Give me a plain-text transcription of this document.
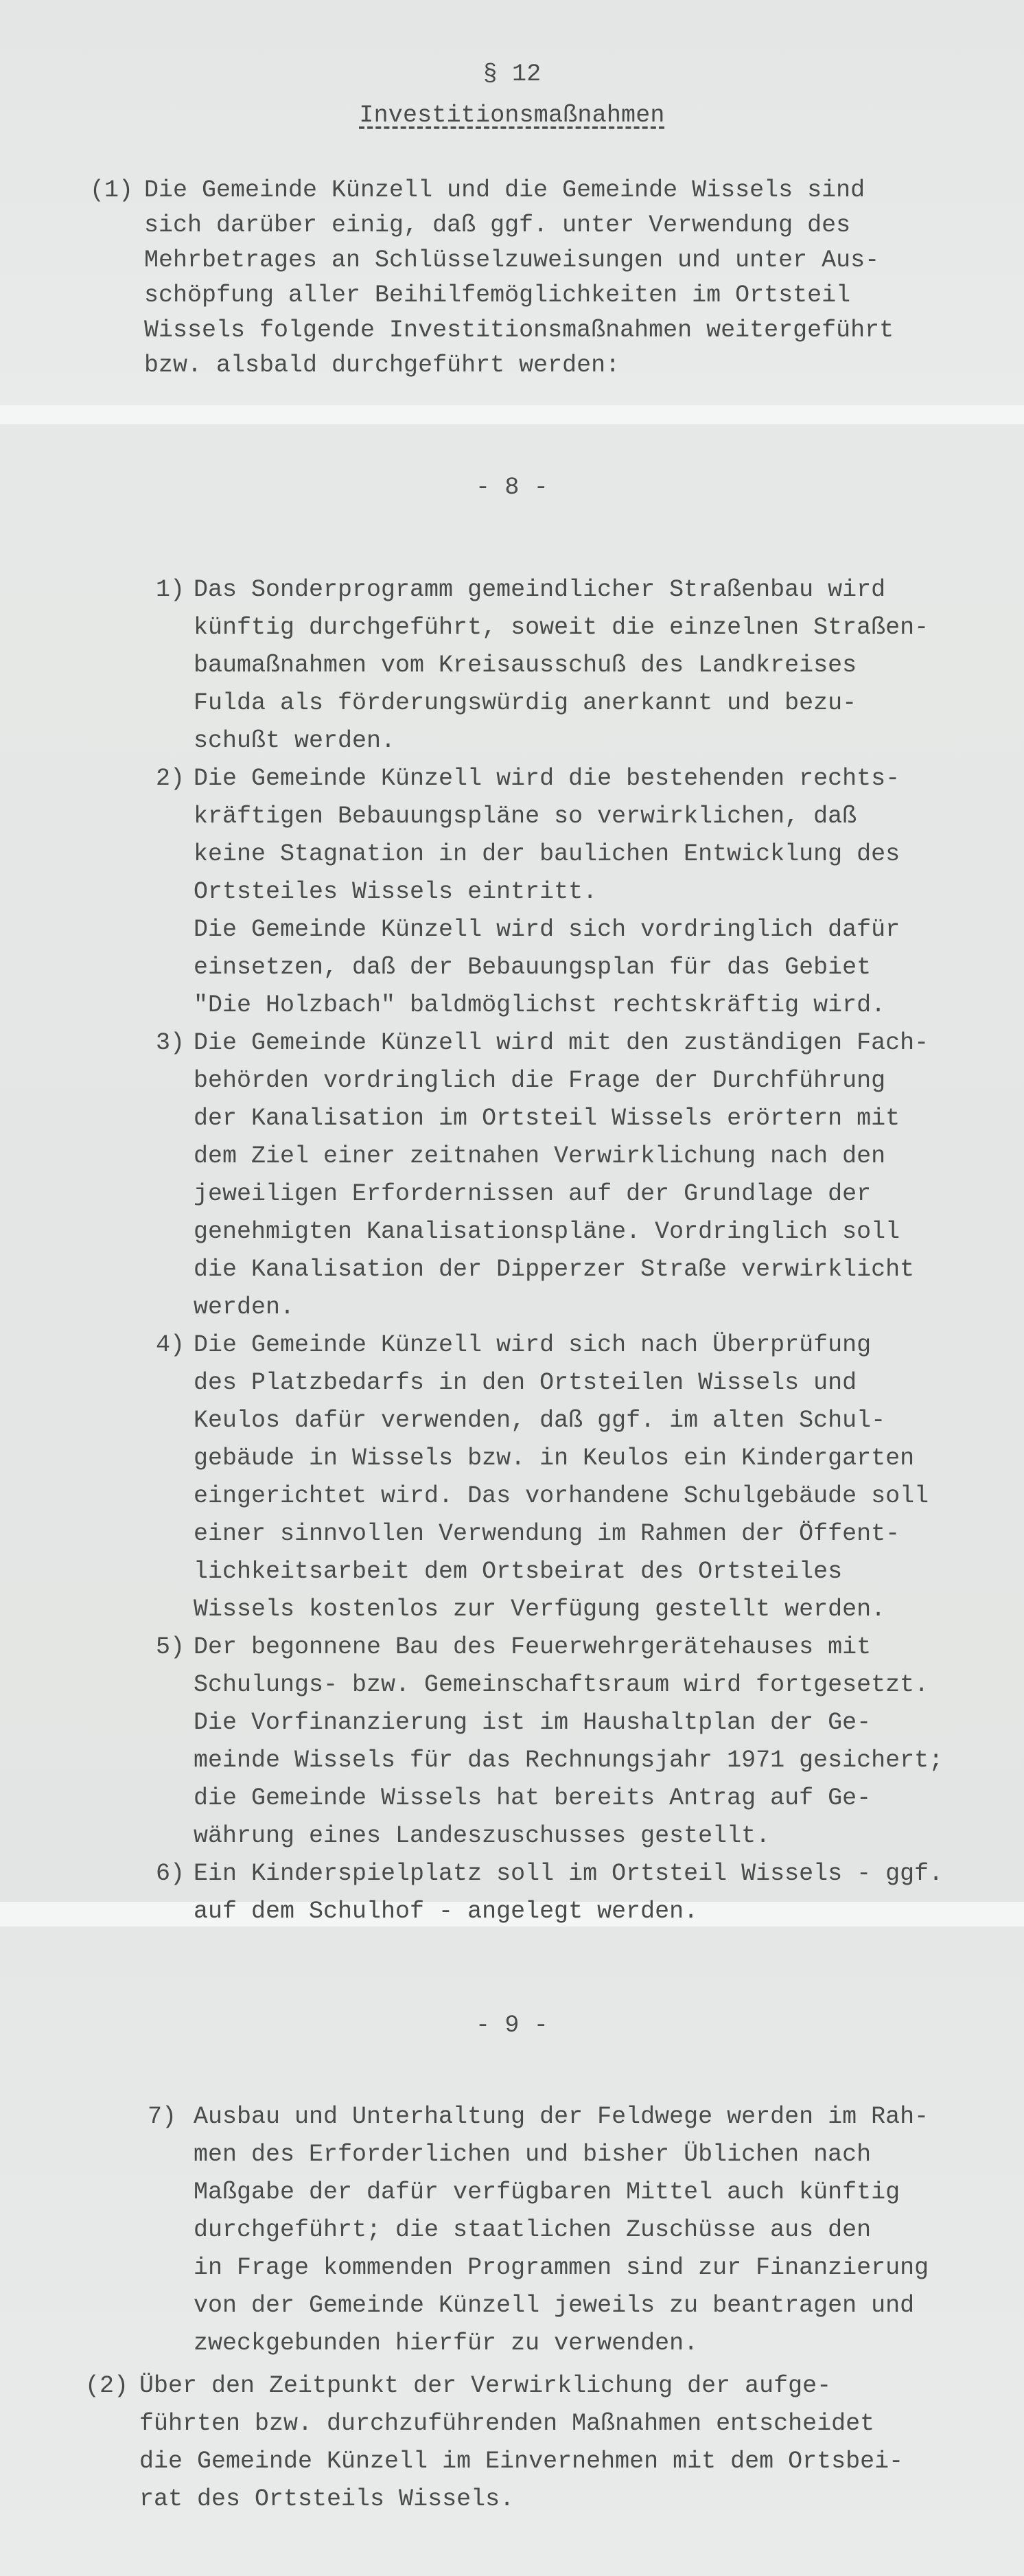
§ 12
Investitionsmaßnahmen
(1) Die Gemeinde Künzell und die Gemeinde Wissels sind
sich darüber einig, daß ggf. unter Verwendung des
Mehrbetrages an Schlüsselzuweisungen und unter Aus-
schöpfung aller Beihilfemöglichkeiten im Ortsteil
Wissels folgende Investitionsmaßnahmen weitergeführt
bzw. alsbald durchgeführt werden:
- 8 -
1) Das Sonderprogramm gemeindlicher Straßenbau wird
künftig durchgeführt, soweit die einzelnen Straßen-
baumaßnahmen vom Kreisausschuß des Landkreises
Fulda als förderungswürdig anerkannt und bezu-
schußt werden.
2) Die Gemeinde Künzell wird die bestehenden rechts-
kräftigen Bebauungspläne so verwirklichen, daß
keine Stagnation in der baulichen Entwicklung des
Ortsteiles Wissels eintritt.
Die Gemeinde Künzell wird sich vordringlich dafür
einsetzen, daß der Bebauungsplan für das Gebiet
"Die Holzbach" baldmöglichst rechtskräftig wird.
3) Die Gemeinde Künzell wird mit den zuständigen Fach-
behörden vordringlich die Frage der Durchführung
der Kanalisation im Ortsteil Wissels erörtern mit
dem Ziel einer zeitnahen Verwirklichung nach den
jeweiligen Erfordernissen auf der Grundlage der
genehmigten Kanalisationspläne. Vordringlich soll
die Kanalisation der Dipperzer Straße verwirklicht
werden.
4) Die Gemeinde Künzell wird sich nach Überprüfung
des Platzbedarfs in den Ortsteilen Wissels und
Keulos dafür verwenden, daß ggf. im alten Schul-
gebäude in Wissels bzw. in Keulos ein Kindergarten
eingerichtet wird. Das vorhandene Schulgebäude soll
einer sinnvollen Verwendung im Rahmen der Öffent-
lichkeitsarbeit dem Ortsbeirat des Ortsteiles
Wissels kostenlos zur Verfügung gestellt werden.
5) Der begonnene Bau des Feuerwehrgerätehauses mit
Schulungs- bzw. Gemeinschaftsraum wird fortgesetzt.
Die Vorfinanzierung ist im Haushaltplan der Ge-
meinde Wissels für das Rechnungsjahr 1971 gesichert;
die Gemeinde Wissels hat bereits Antrag auf Ge-
währung eines Landeszuschusses gestellt.
6) Ein Kinderspielplatz soll im Ortsteil Wissels - ggf.
auf dem Schulhof - angelegt werden.
- 9 -
7) Ausbau und Unterhaltung der Feldwege werden im Rah-
men des Erforderlichen und bisher Üblichen nach
Maßgabe der dafür verfügbaren Mittel auch künftig
durchgeführt; die staatlichen Zuschüsse aus den
in Frage kommenden Programmen sind zur Finanzierung
von der Gemeinde Künzell jeweils zu beantragen und
zweckgebunden hierfür zu verwenden.
(2) Über den Zeitpunkt der Verwirklichung der aufge-
führten bzw. durchzuführenden Maßnahmen entscheidet
die Gemeinde Künzell im Einvernehmen mit dem Ortsbei-
rat des Ortsteils Wissels.
